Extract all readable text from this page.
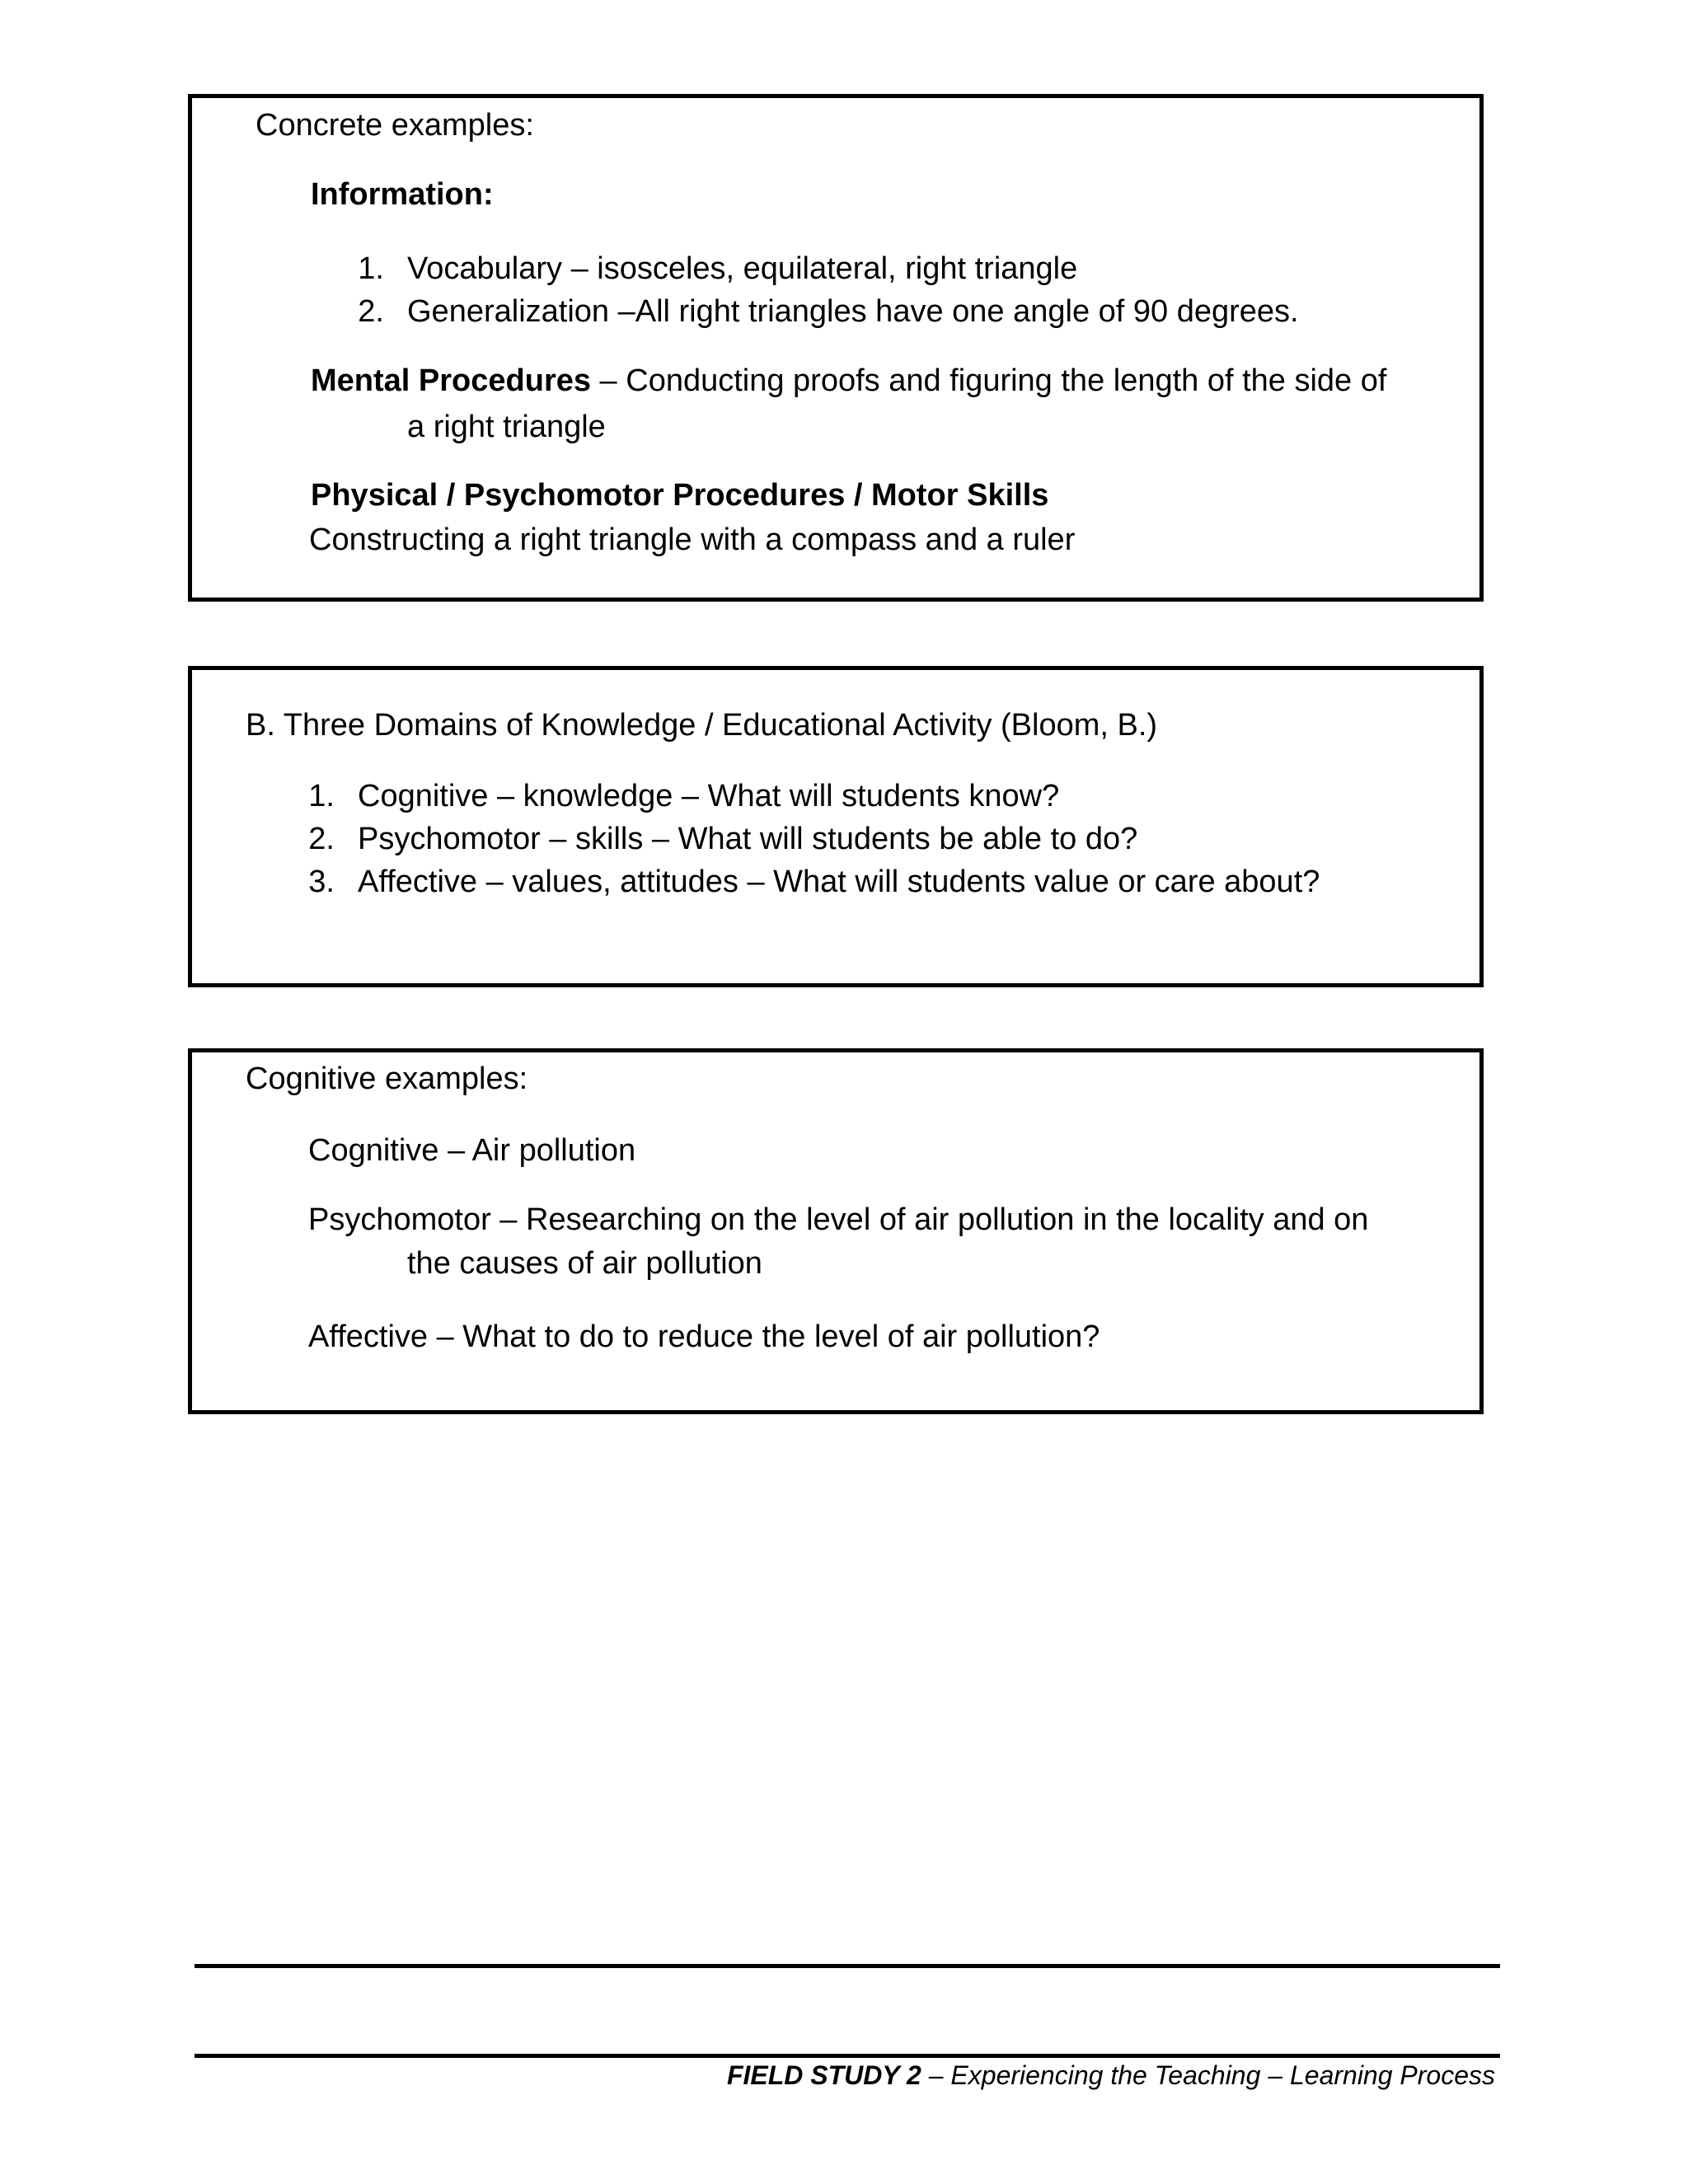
Concrete examples:
Information:
1. Vocabulary – isosceles, equilateral, right triangle
2. Generalization –All right triangles have one angle of 90 degrees.
Mental Procedures – Conducting proofs and figuring the length of the side of
a right triangle
Physical / Psychomotor Procedures / Motor Skills
Constructing a right triangle with a compass and a ruler
B. Three Domains of Knowledge / Educational Activity (Bloom, B.)
1. Cognitive – knowledge – What will students know?
2. Psychomotor – skills – What will students be able to do?
3. Affective – values, attitudes – What will students value or care about?
Cognitive examples:
Cognitive – Air pollution
Psychomotor – Researching on the level of air pollution in the locality and on
the causes of air pollution
Affective – What to do to reduce the level of air pollution?
FIELD STUDY 2 – Experiencing the Teaching – Learning Process
